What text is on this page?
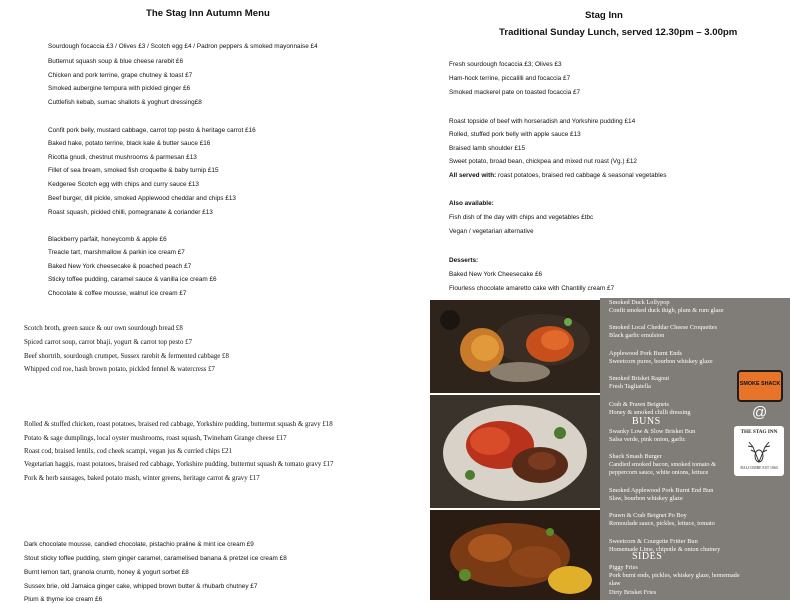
The Stag Inn Autumn Menu
Sourdough focaccia £3 / Olives £3 / Scotch egg £4 / Padron peppers & smoked mayonnaise £4
Butternut squash soup & blue cheese rarebit £6
Chicken and pork terrine, grape chutney & toast £7
Smoked aubergine tempura with pickled ginger £6
Cuttlefish kebab, sumac shallots & yoghurt dressing£8
Confit pork belly, mustard cabbage, carrot top pesto & heritage carrot £16
Baked hake, potato terrine, black kale & butter sauce £16
Ricotta gnudi, chestnut mushrooms & parmesan £13
Fillet of sea bream, smoked fish croquette & baby turnip £15
Kedgeree Scotch egg with chips and curry sauce £13
Beef burger, dill pickle, smoked Applewood cheddar and chips £13
Roast squash, pickled chilli, pomegranate & coriander £13
Blackberry parfait, honeycomb & apple £6
Treacle tart, marshmallow & parkin ice cream £7
Baked New York cheesecake & poached peach £7
Sticky toffee pudding, caramel sauce & vanilla ice cream £6
Chocolate & coffee mousse, walnut ice cream £7
Stag Inn
Traditional Sunday Lunch, served 12.30pm – 3.00pm
Fresh sourdough focaccia £3; Olives £3
Ham-hock terrine, piccalilli and focaccia £7
Smoked mackerel pate on toasted focaccia £7
Roast topside of beef with horseradish and Yorkshire pudding £14
Rolled, stuffed pork belly with apple sauce £13
Braised lamb shoulder £15
Sweet potato, broad bean, chickpea and mixed nut roast (Vg.) £12
All served with: roast potatoes, braised red cabbage & seasonal vegetables
Also available:
Fish dish of the day with chips and vegetables £tbc
Vegan / vegetarian alternative
Desserts:
Baked New York Cheesecake £6
Flourless chocolate amaretto cake with Chantilly cream £7
Scotch broth, green sauce & our own sourdough bread £8
Spiced carrot soup, carrot bhaji, yogurt & carrot top pesto £7
Beef shortrib, sourdough crumpet, Sussex rarebit & fermented cabbage £8
Whipped cod roe, hash brown potato, pickled fennel & watercress £7
Rolled & stuffed chicken, roast potatoes, braised red cabbage, Yorkshire pudding, butternut squash & gravy £18
Potato & sage dumplings, local oyster mushrooms, roast squash, Twineham Grange cheese £17
Roast cod, braised lentils, cod cheek scampi, vegan jus & curried chips £21
Vegetarian haggis, roast potatoes, braised red cabbage, Yorkshire pudding, butternut squash & tomato gravy £17
Pork & herb sausages, baked potato mash, winter greens, heritage carrot & gravy £17
Dark chocolate mousse, candied chocolate, pistachio praline & mint ice cream £9
Stout sticky toffee pudding, stem ginger caramel, caramelised banana & pretzel ice cream £8
Burnt lemon tart, granola crumb, honey & yogurt sorbet £8
Sussex brie, old Jamaica ginger cake, whipped brown butter & rhubarb chutney £7
Plum & thyme ice cream £6
Smoked Duck Lollypop
Confit smoked duck thigh, plum & rum glaze
Smoked Local Cheddar Cheese Croquettes
Black garlic emulsion
Applewood Pork Burnt Ends
Sweetcorn puree, bourbon whiskey glaze
Smoked Brisket Ragout
Fresh Tagliatella
Crab & Prawn Beignets
Honey & smoked chilli dressing
BUNS
Swanky Low & Slow Brisket Bun
Salsa verde, pink onion, garlic
Shack Smash Burger
Candied smoked bacon, smoked tomato &
peppercorn sauce, white onions, lettuce
Smoked Applewood Pork Burnt End Bun
Slaw, bourbon whiskey glaze
Prawn & Crab Beignet Po Boy
Remoulade sauce, pickles, lettuce, tomato
Sweetcorn & Courgette Fritter Bun
Homemade Lime, chipotle & onion chutney
SIDES
Piggy Fries
Pork burnt ends, pickles, whiskey glaze, homemade
slaw
Dirty Brisket Fries
SMOKE SHACK
@
THE STAG INN
BALCOMBE EST 1860
